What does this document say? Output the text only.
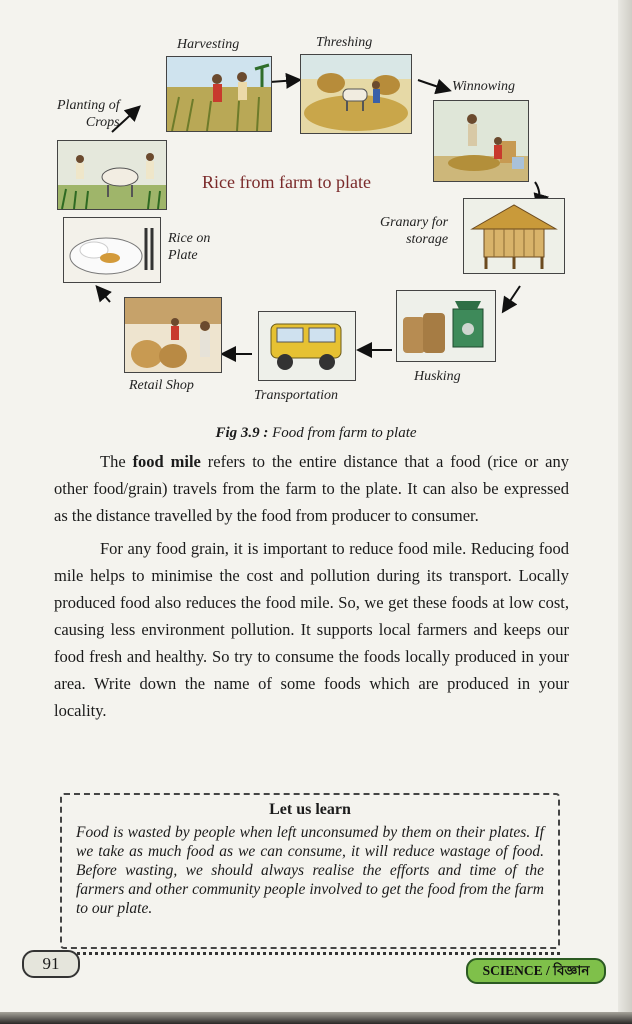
Harvesting	Threshing
Winnowing
Planting of
Crops
Rice from farm to plate
Granary for
storage
Rice on
Plate
Husking
Transportation
Retail Shop
Fig 3.9 : Food from farm to plate

The food mile refers to the entire distance that a food (rice or any other food/grain) travels from the farm to the plate. It can also be expressed as the distance travelled by the food from producer to consumer.

For any food grain, it is important to reduce food mile. Reducing food mile helps to minimise the cost and pollution during its transport. Locally produced food also reduces the food mile. So, we get these foods at low cost, causing less environment pollution. It supports local farmers and keeps our food fresh and healthy. So try to consume the foods locally produced in your area. Write down the name of some foods which are produced in your locality.

Let us learn
Food is wasted by people when left unconsumed by them on their plates. If we take as much food as we can consume, it will reduce wastage of food. Before wasting, we should always realise the efforts and time of the farmers and other community people involved to get the food from the farm to our plate.
91	SCIENCE / বিজ্ঞান
